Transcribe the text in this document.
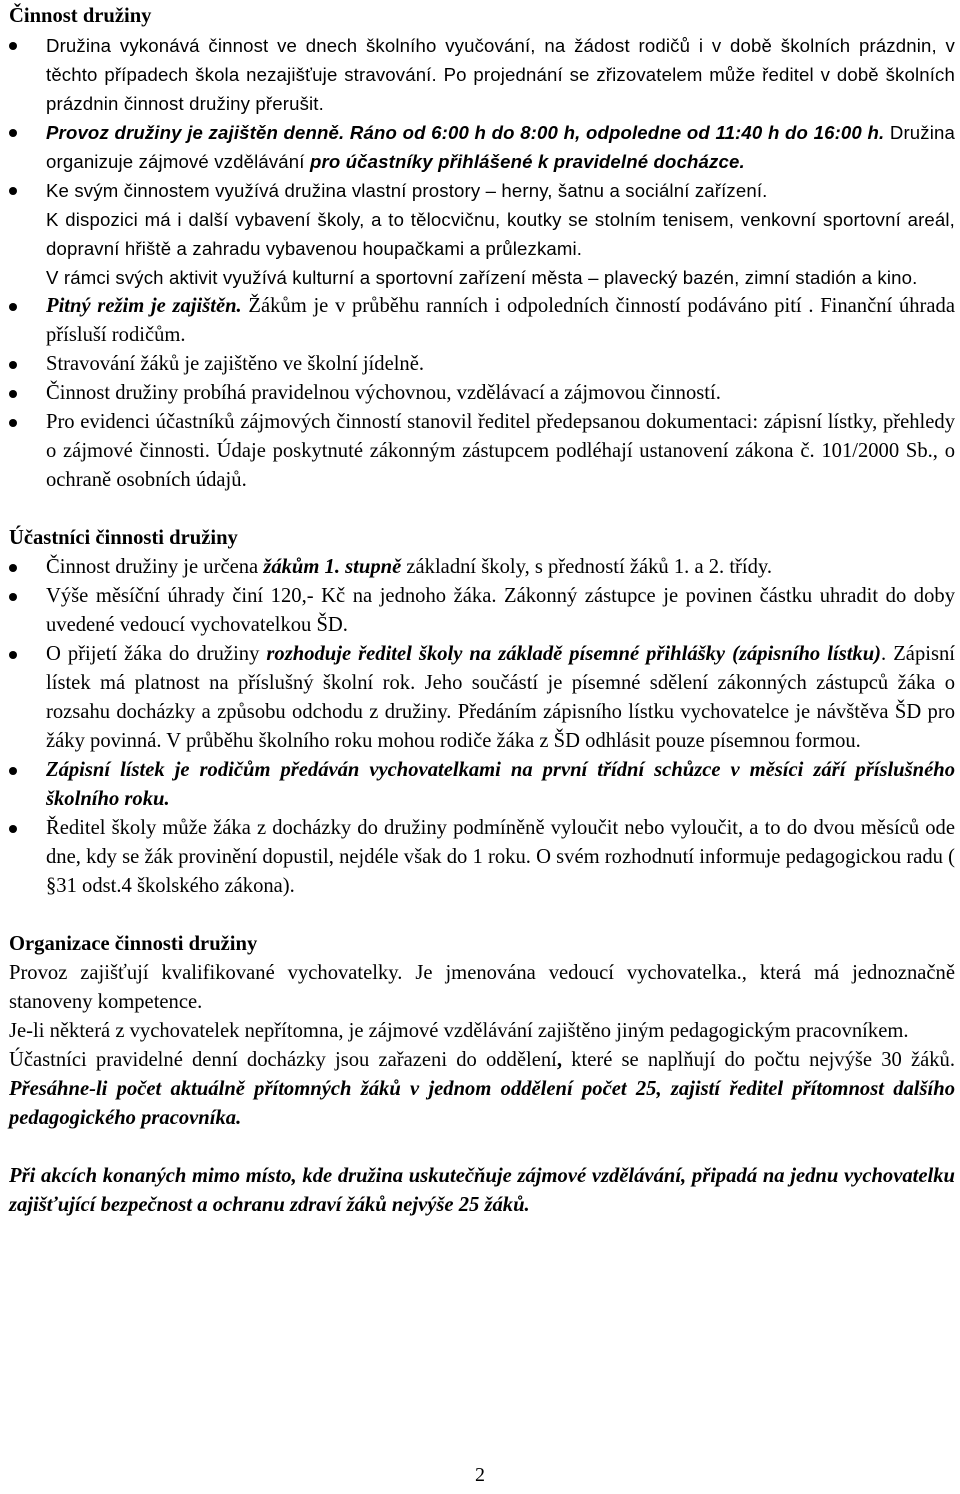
Činnost družiny
Družina vykonává činnost ve dnech školního vyučování, na žádost rodičů i v době školních prázdnin, v těchto případech škola nezajišťuje stravování. Po projednání se zřizovatelem může ředitel v době školních prázdnin činnost družiny přerušit.
Provoz družiny je zajištěn denně. Ráno od 6:00 h do 8:00 h, odpoledne od 11:40 h do 16:00 h. Družina organizuje zájmové vzdělávání pro účastníky přihlášené k pravidelné docházce.
Ke svým činnostem využívá družina vlastní prostory – herny, šatnu a sociální zařízení.
K dispozici má i další vybavení školy, a to tělocvičnu, koutky se stolním tenisem, venkovní sportovní areál, dopravní hřiště a zahradu vybavenou houpačkami a průlezkami.
V rámci svých aktivit využívá kulturní a sportovní zařízení města – plavecký bazén, zimní stadión a kino.
Pitný režim je zajištěn. Žákům je v průběhu ranních i odpoledních činností podáváno pití . Finanční úhrada přísluší rodičům.
Stravování žáků je zajištěno ve školní jídelně.
Činnost družiny probíhá pravidelnou výchovnou, vzdělávací a zájmovou činností.
Pro evidenci účastníků zájmových činností stanovil ředitel předepsanou dokumentaci: zápisní lístky, přehledy o zájmové činnosti. Údaje poskytnuté zákonným zástupcem podléhají ustanovení zákona č. 101/2000 Sb., o ochraně osobních údajů.
Účastníci činnosti družiny
Činnost družiny je určena žákům 1. stupně základní školy, s předností žáků 1. a 2. třídy.
Výše měsíční úhrady činí 120,- Kč na jednoho žáka. Zákonný zástupce je povinen částku uhradit do doby uvedené vedoucí vychovatelkou ŠD.
O přijetí žáka do družiny rozhoduje ředitel školy na základě písemné přihlášky (zápisního lístku). Zápisní lístek má platnost na příslušný školní rok. Jeho součástí je písemné sdělení zákonných zástupců žáka o rozsahu docházky a způsobu odchodu z družiny. Předáním zápisního lístku vychovatelce je návštěva ŠD pro žáky povinná. V průběhu školního roku mohou rodiče žáka z ŠD odhlásit pouze písemnou formou.
Zápisní lístek je rodičům předáván vychovatelkami na první třídní schůzce v měsíci září příslušného školního roku.
Ředitel školy může žáka z docházky do družiny podmíněně vyloučit nebo vyloučit, a to do dvou měsíců ode dne, kdy se žák provinění dopustil, nejdéle však do 1 roku. O svém rozhodnutí informuje pedagogickou radu ( §31 odst.4 školského zákona).
Organizace činnosti družiny

Provoz zajišťují kvalifikované vychovatelky. Je jmenována vedoucí vychovatelka., která má jednoznačně stanoveny kompetence.

Je-li některá z vychovatelek nepřítomna, je zájmové vzdělávání zajištěno jiným pedagogickým pracovníkem.

Účastníci pravidelné denní docházky jsou zařazeni do oddělení, které se naplňují do počtu nejvýše 30 žáků. Přesáhne-li počet aktuálně přítomných žáků v jednom oddělení počet 25, zajistí ředitel přítomnost dalšího pedagogického pracovníka.

Při akcích konaných mimo místo, kde družina uskutečňuje zájmové vzdělávání, připadá na jednu vychovatelku zajišťující bezpečnost a ochranu zdraví žáků nejvýše 25 žáků.

2
